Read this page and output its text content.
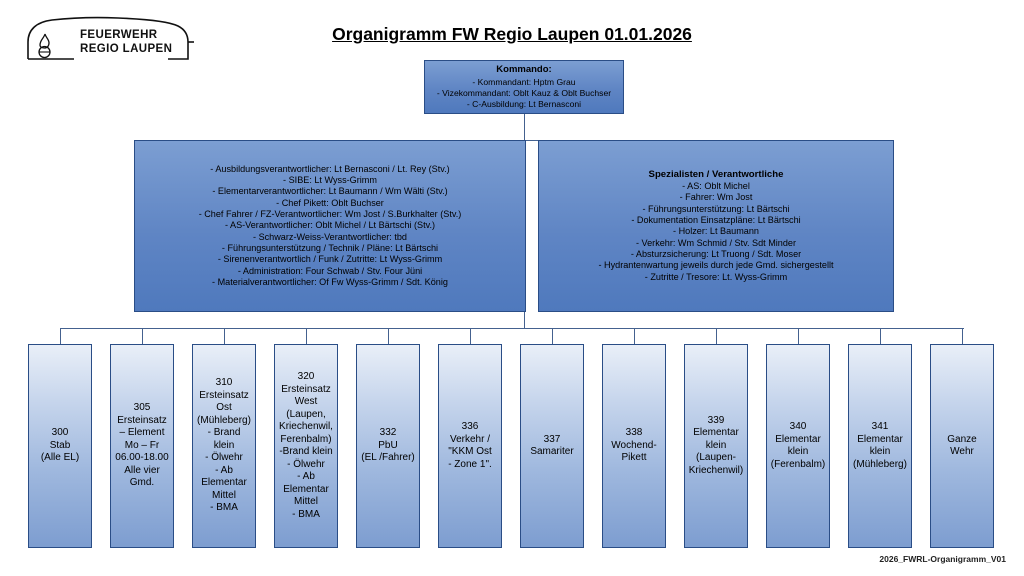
FEUERWEHR
REGIO LAUPEN
Organigramm FW Regio Laupen 01.01.2026
Kommando:
- Kommandant: Hptm Grau
- Vizekommandant: Oblt Kauz & Oblt Buchser
- C-Ausbildung: Lt Bernasconi
- Ausbildungsverantwortlicher: Lt Bernasconi / Lt. Rey (Stv.)
- SIBE: Lt Wyss-Grimm
- Elementarverantwortlicher: Lt Baumann / Wm Wälti (Stv.)
- Chef Pikett: Oblt Buchser
- Chef Fahrer / FZ-Verantwortlicher: Wm Jost / S.Burkhalter (Stv.)
- AS-Verantwortlicher: Oblt Michel / Lt Bärtschi (Stv.)
- Schwarz-Weiss-Verantwortlicher: tbd
- Führungsunterstützung / Technik / Pläne: Lt Bärtschi
- Sirenenverantwortlich / Funk / Zutritte: Lt Wyss-Grimm
- Administration: Four Schwab / Stv. Four Jüni
- Materialverantwortlicher: Of Fw Wyss-Grimm / Sdt. König
Spezialisten / Verantwortliche
- AS: Oblt Michel
- Fahrer: Wm Jost
- Führungsunterstützung: Lt Bärtschi
- Dokumentation Einsatzpläne: Lt Bärtschi
- Holzer: Lt Baumann
- Verkehr: Wm Schmid / Stv. Sdt Minder
- Absturzsicherung: Lt Truong / Sdt. Moser
- Hydrantenwartung jeweils durch jede Gmd. sichergestellt
- Zutritte / Tresore: Lt. Wyss-Grimm
300
Stab
(Alle EL)
305
Ersteinsatz
– Element
Mo – Fr
06.00-18.00
Alle vier
Gmd.
310
Ersteinsatz
Ost
(Mühleberg)
- Brand klein
- Ölwehr
- Ab
Elementar
Mittel
- BMA
320
Ersteinsatz
West
(Laupen,
Kriechenwil,
Ferenbalm)
-Brand klein
- Ölwehr
- Ab
Elementar
Mittel
- BMA
332
PbU
(EL /Fahrer)
336
Verkehr /
"KKM Ost
- Zone 1".
337
Samariter
338
Wochend-
Pikett
339
Elementar
klein
(Laupen-
Kriechenwil)
340
Elementar
klein
(Ferenbalm)
341
Elementar
klein
(Mühleberg)
Ganze
Wehr
2026_FWRL-Organigramm_V01
